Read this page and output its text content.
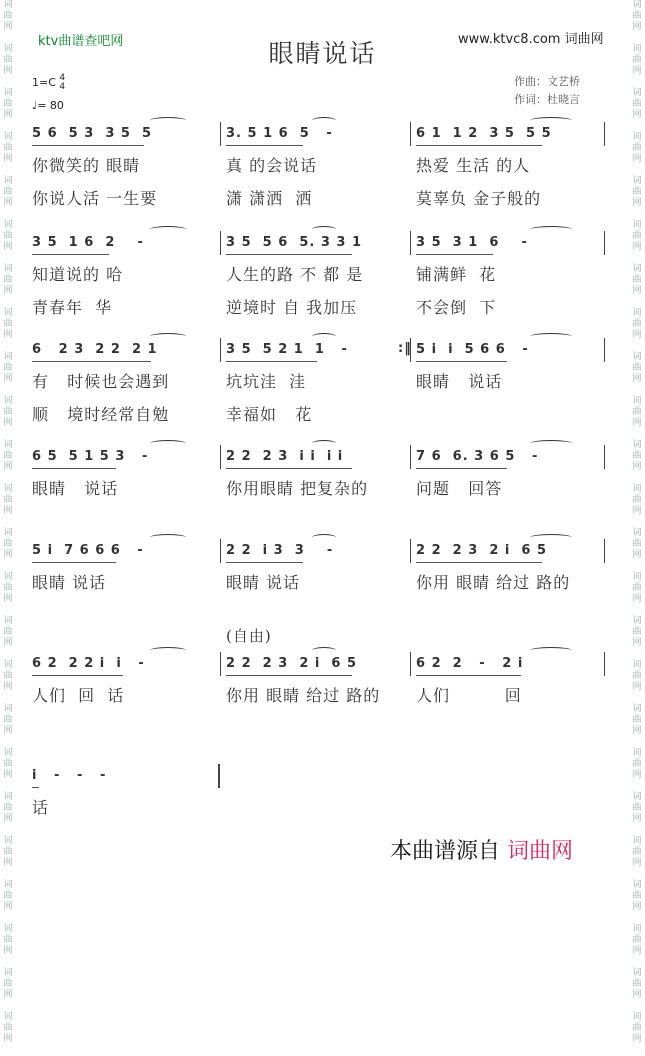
词
曲
网

词
曲
网

词
曲
网

词
曲
网

词
曲
网

词
曲
网

词
曲
网

词
曲
网

词
曲
网

词
曲
网

词
曲
网

词
曲
网

词
曲
网

词
曲
网

词
曲
网

词
曲
网

词
曲
网

词
曲
网

词
曲
网

词
曲
网

词
曲
网

词
曲
网

词
曲
网

词
曲
网

词
曲
网

词
曲
网

词
曲
网

词
曲
网

词
曲
网

词
曲
网

词
曲
网

词
曲
网

词
曲
网

词
曲
网

词
曲
网

词
曲
网

词
曲
网

词
曲
网

词
曲
网

词
曲
网

词
曲
网

词
曲
网

词
曲
网

词
曲
网

词
曲
网

词
曲
网

词
曲
网

词
曲
网

ktv曲谱查吧网	眼睛说话	www.ktvc8.com 词曲网
1=C 4
4
♩= 80
作曲：文艺桥
作词：杜晓言
5 6  5 3  3 5  5	3. 5 1 6  5   -	6 1  1 2  3 5  5 5
你微笑的 眼睛	真 的会说话	热爱 生活 的人
你说人活 一生要	潇 潇洒  洒	莫辜负 金子般的
3 5  1 6  2    -	3 5  5 6  5. 3 3 1	3 5  3 1  6    -
知道说的 哈	人生的路 不 都 是	铺满鲜  花
青春年  华	逆境时 自 我加压	不会倒  下
6   2 3  2 2  2 1	3 5  5 2 1  1   -	5 i  i  5 6 6   -
有   时候也会遇到	坑坑洼  洼	眼睛   说话
顺   境时经常自勉	幸福如   花
6 5  5 1 5 3   -	2 2  2 3  i i  i i	7 6  6. 3 6 5   -
眼睛   说话	你用眼睛 把复杂的	问题   回答
5 i  7 6 6 6   -	2 2  i 3  3    -	2 2  2 3  2 i  6 5
眼睛 说话	眼睛 说话	你用 眼睛 给过 路的
6 2  2 2 i  i   -	2 2  2 3  2 i  6 5	6 2  2   -   2 i
人们  回  话	你用 眼睛 给过 路的 人们         回
i   -   -   -
话
:‖
(自由)
本曲谱源自 词曲网
